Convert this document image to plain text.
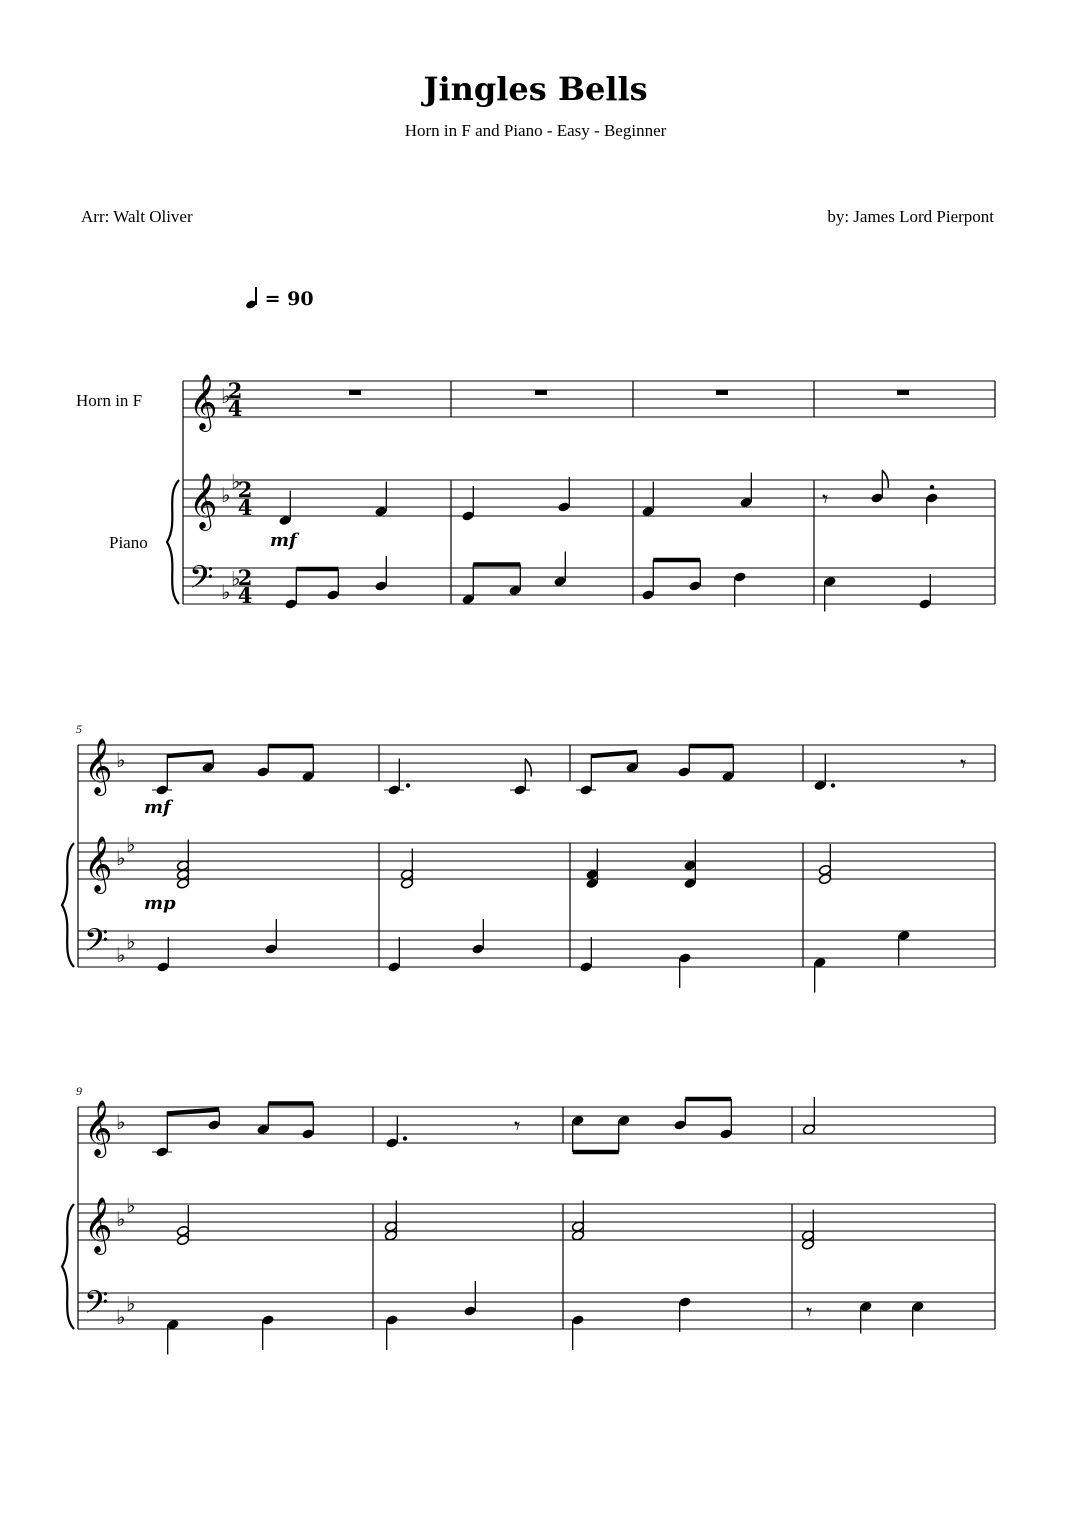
Jingles Bells
Horn in F and Piano - Easy - Beginner
Arr: Walt Oliver	by: James Lord Pierpont
= 90
𝄞
𝄞
𝄢
♭
♭
♭
♭
♭
2
4
2
4
2
4
Horn in F
Piano
𝄞
𝄞
𝄢
♭
♭
♭
♭
♭
5
𝄞
𝄞
𝄢
♭
♭
♭
♭
♭
9
𝄾
mf
𝄾
mf
mp
𝄾
𝄾
